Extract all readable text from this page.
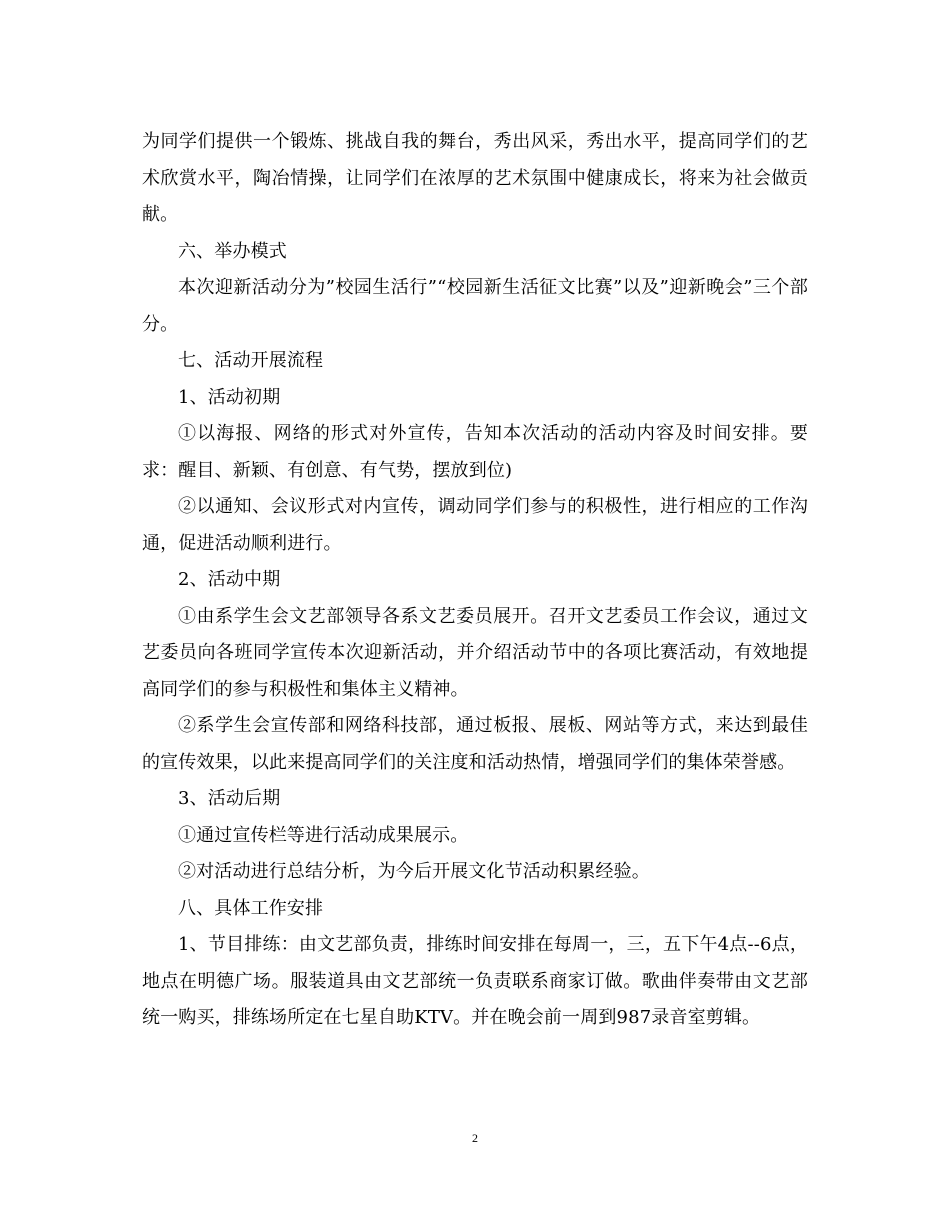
为同学们提供一个锻炼、挑战自我的舞台，秀出风采，秀出水平，提高同学们的艺术欣赏水平，陶冶情操，让同学们在浓厚的艺术氛围中健康成长，将来为社会做贡献。

六、举办模式

本次迎新活动分为”校园生活行”“校园新生活征文比赛”以及”迎新晚会”三个部分。

七、活动开展流程

1、活动初期

①以海报、网络的形式对外宣传，告知本次活动的活动内容及时间安排。要求：醒目、新颖、有创意、有气势，摆放到位)

②以通知、会议形式对内宣传，调动同学们参与的积极性，进行相应的工作沟通，促进活动顺利进行。

2、活动中期

①由系学生会文艺部领导各系文艺委员展开。召开文艺委员工作会议，通过文艺委员向各班同学宣传本次迎新活动，并介绍活动节中的各项比赛活动，有效地提高同学们的参与积极性和集体主义精神。

②系学生会宣传部和网络科技部，通过板报、展板、网站等方式，来达到最佳的宣传效果，以此来提高同学们的关注度和活动热情，增强同学们的集体荣誉感。

3、活动后期

①通过宣传栏等进行活动成果展示。

②对活动进行总结分析，为今后开展文化节活动积累经验。

八、具体工作安排

1、节目排练：由文艺部负责，排练时间安排在每周一，三，五下午4点--6点，地点在明德广场。服装道具由文艺部统一负责联系商家订做。歌曲伴奏带由文艺部统一购买，排练场所定在七星自助KTV。并在晚会前一周到987录音室剪辑。

2
